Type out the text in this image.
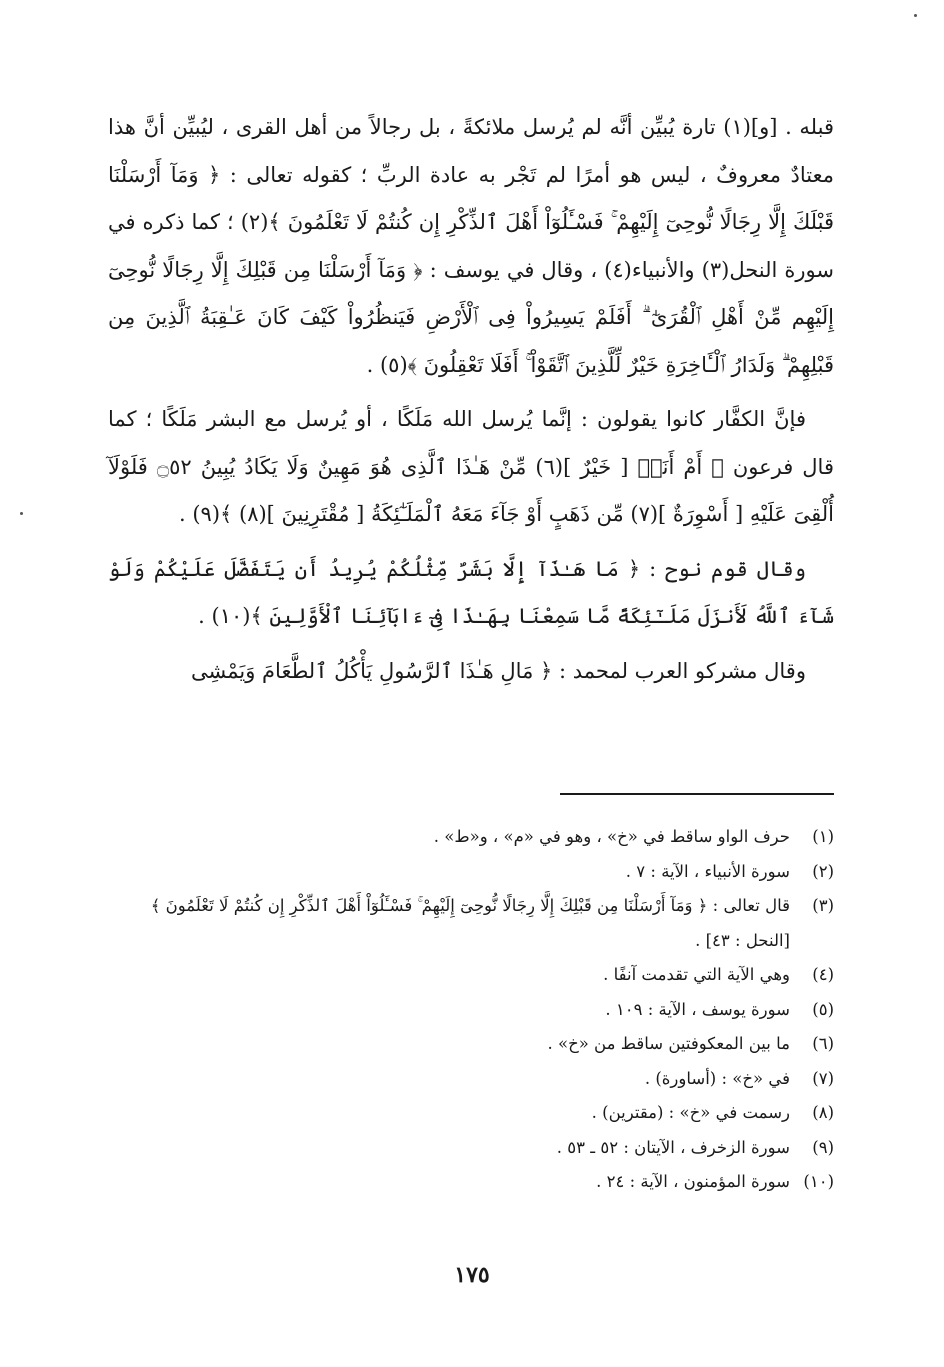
قبله . [و](١) تارة يُبيِّن أنَّه لم يُرسل ملائكةً ، بل رجالاً من أهل القرى ، ليُبيِّن أنَّ هذا معتادٌ معروفٌ ، ليس هو أمرًا لم تَجْر به عادة الربِّ ؛ كقوله تعالى : ﴿ وَمَآ أَرْسَلْنَا قَبْلَكَ إِلَّا رِجَالًا نُّوحِىٓ إِلَيْهِمْ ۚ فَسْـَٔلُوٓاْ أَهْلَ ٱلذِّكْرِ إِن كُنتُمْ لَا تَعْلَمُونَ ﴾(٢) ؛ كما ذكره في سورة النحل(٣) والأنبياء(٤) ، وقال في يوسف : ﴿ وَمَآ أَرْسَلْنَا مِن قَبْلِكَ إِلَّا رِجَالًا نُّوحِىٓ إِلَيْهِم مِّنْ أَهْلِ ٱلْقُرَىٰٓ ۗ أَفَلَمْ يَسِيرُواْ فِى ٱلْأَرْضِ فَيَنظُرُواْ كَيْفَ كَانَ عَـٰقِبَةُ ٱلَّذِينَ مِن قَبْلِهِمْ ۗ وَلَدَارُ ٱلْـَٔاخِرَةِ خَيْرٌ لِّلَّذِينَ ٱتَّقَوْاْ ۚ أَفَلَا تَعْقِلُونَ ﴾(٥) .

فإنَّ الكفَّار كانوا يقولون : إنَّما يُرسل الله مَلَكًا ، أو يُرسل مع البشر مَلَكًا ؛ كما قال فرعون ﴿ أَمْ أَنَا۠ [ خَيْرٌ ](٦) مِّنْ هَـٰذَا ٱلَّذِى هُوَ مَهِينٌ وَلَا يَكَادُ يُبِينُ ۝٥٢ فَلَوْلَآ أُلْقِىَ عَلَيْهِ [ أَسْوِرَةٌ ](٧) مِّن ذَهَبٍ أَوْ جَآءَ مَعَهُ ٱلْمَلَـٰٓئِكَةُ [ مُقْتَرِنِينَ ](٨) ﴾(٩) .

وقال قوم نوح : ﴿ مَا هَـٰذَآ إِلَّا بَشَرٌ مِّثْلُكُمْ يُرِيدُ أَن يَتَفَضَّلَ عَلَيْكُمْ وَلَوْ شَآءَ ٱللَّهُ لَأَنزَلَ مَلَـٰٓئِكَةً مَّا سَمِعْنَا بِهَـٰذَا فِىٓ ءَابَآئِنَا ٱلْأَوَّلِينَ ﴾(١٠) .

وقال مشركو العرب لمحمد : ﴿ مَالِ هَـٰذَا ٱلرَّسُولِ يَأْكُلُ ٱلطَّعَامَ وَيَمْشِى

(١)
حرف الواو ساقط في «خ» ، وهو في «م» ، و«ط» .
(٢)
سورة الأنبياء ، الآية : ٧ .
(٣)
قال تعالى : ﴿ وَمَآ أَرْسَلْنَا مِن قَبْلِكَ إِلَّا رِجَالًا نُّوحِىٓ إِلَيْهِمْ ۚ فَسْـَٔلُوٓاْ أَهْلَ ٱلذِّكْرِ إِن كُنتُمْ لَا تَعْلَمُونَ ﴾ [النحل : ٤٣] .
(٤)
وهي الآية التي تقدمت آنفًا .
(٥)
سورة يوسف ، الآية : ١٠٩ .
(٦)
ما بين المعكوفتين ساقط من «خ» .
(٧)
في «خ» : (أساورة) .
(٨)
رسمت في «خ» : (مقترين) .
(٩)
سورة الزخرف ، الآيتان : ٥٢ ـ ٥٣ .
(١٠)
سورة المؤمنون ، الآية : ٢٤ .
١٧٥
